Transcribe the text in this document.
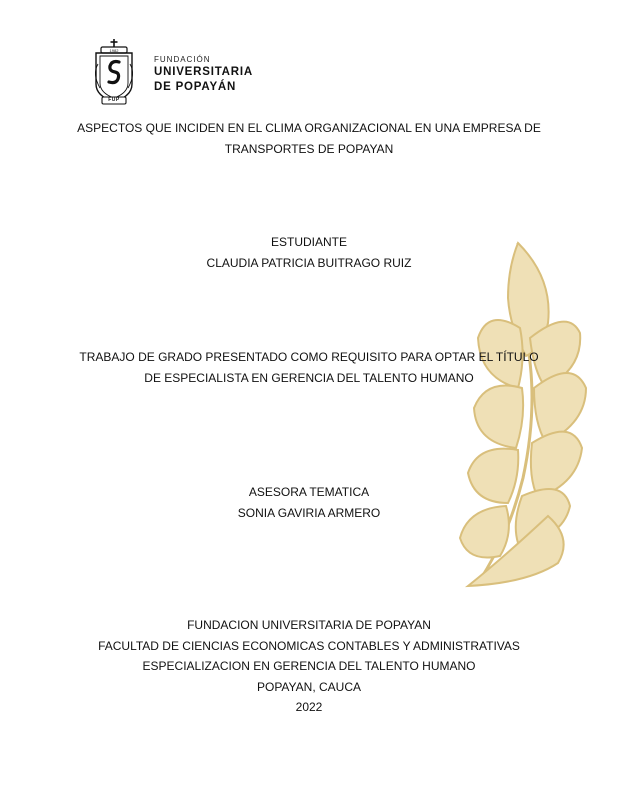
1982
FUP
FUNDACIÓN
UNIVERSITARIA
DE POPAYÁN
ASPECTOS QUE INCIDEN EN EL CLIMA ORGANIZACIONAL EN UNA EMPRESA DE
TRANSPORTES DE POPAYAN
ESTUDIANTE
CLAUDIA PATRICIA BUITRAGO RUIZ
TRABAJO DE GRADO PRESENTADO COMO REQUISITO PARA OPTAR EL TÍTULO
DE ESPECIALISTA EN GERENCIA DEL TALENTO HUMANO
ASESORA TEMATICA
SONIA GAVIRIA ARMERO
FUNDACION UNIVERSITARIA DE POPAYAN
FACULTAD DE CIENCIAS ECONOMICAS CONTABLES Y ADMINISTRATIVAS
ESPECIALIZACION EN GERENCIA DEL TALENTO HUMANO
POPAYAN, CAUCA
2022
